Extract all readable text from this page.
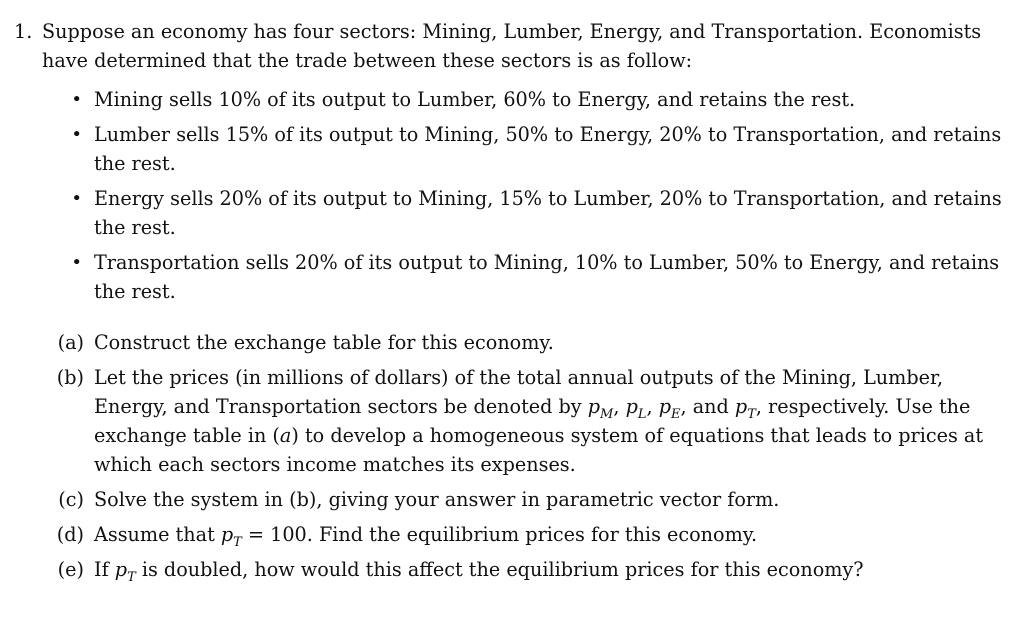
1. Suppose an economy has four sectors: Mining, Lumber, Energy, and Transportation. Economists have determined that the trade between these sectors is as follow:

• Mining sells 10% of its output to Lumber, 60% to Energy, and retains the rest.
• Lumber sells 15% of its output to Mining, 50% to Energy, 20% to Transportation, and retains the rest.
• Energy sells 20% of its output to Mining, 15% to Lumber, 20% to Transportation, and retains the rest.
• Transportation sells 20% of its output to Mining, 10% to Lumber, 50% to Energy, and retains the rest.
(a) Construct the exchange table for this economy.
(b) Let the prices (in millions of dollars) of the total annual outputs of the Mining, Lumber, Energy, and Transportation sectors be denoted by $p_M$, $p_L$, $p_E$, and $p_T$, respectively. Use the exchange table in (a) to develop a homogeneous system of equations that leads to prices at which each sectors income matches its expenses.
(c) Solve the system in (b), giving your answer in parametric vector form.
(d) Assume that $p_T = 100$. Find the equilibrium prices for this economy.
(e) If $p_T$ is doubled, how would this affect the equilibrium prices for this economy?
